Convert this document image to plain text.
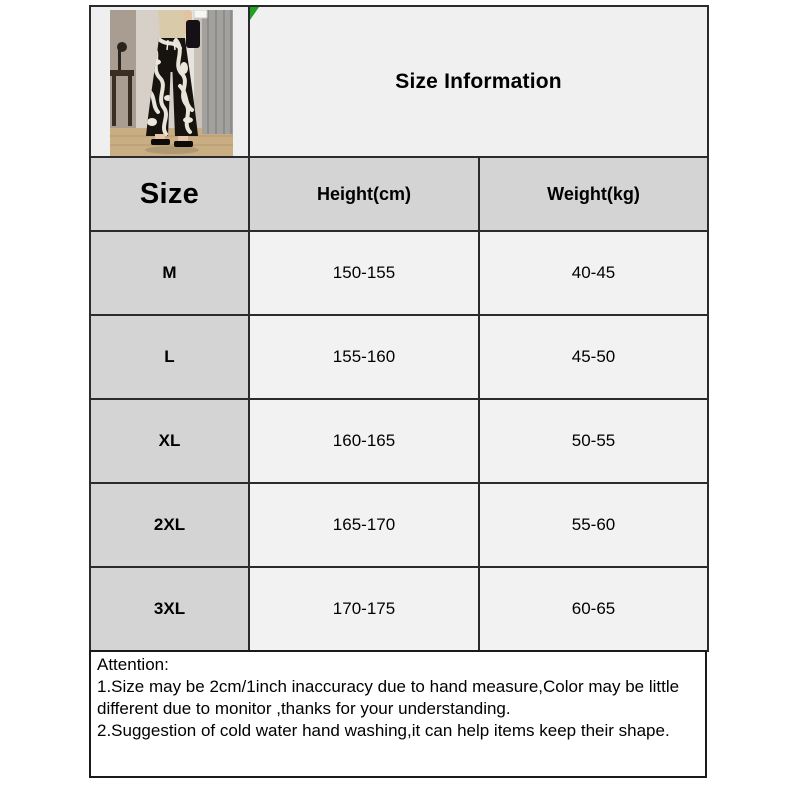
Size Information	
Size	Height(cm)	Weight(kg)
M	150-155	40-45
L	155-160	45-50
XL	160-165	50-55
2XL	165-170	55-60
3XL	170-175	60-65

Attention:

1.Size may be 2cm/1inch inaccuracy due to hand measure,Color may be little different due to monitor ,thanks for your understanding.

2.Suggestion of cold water hand washing,it can help items keep their shape.
